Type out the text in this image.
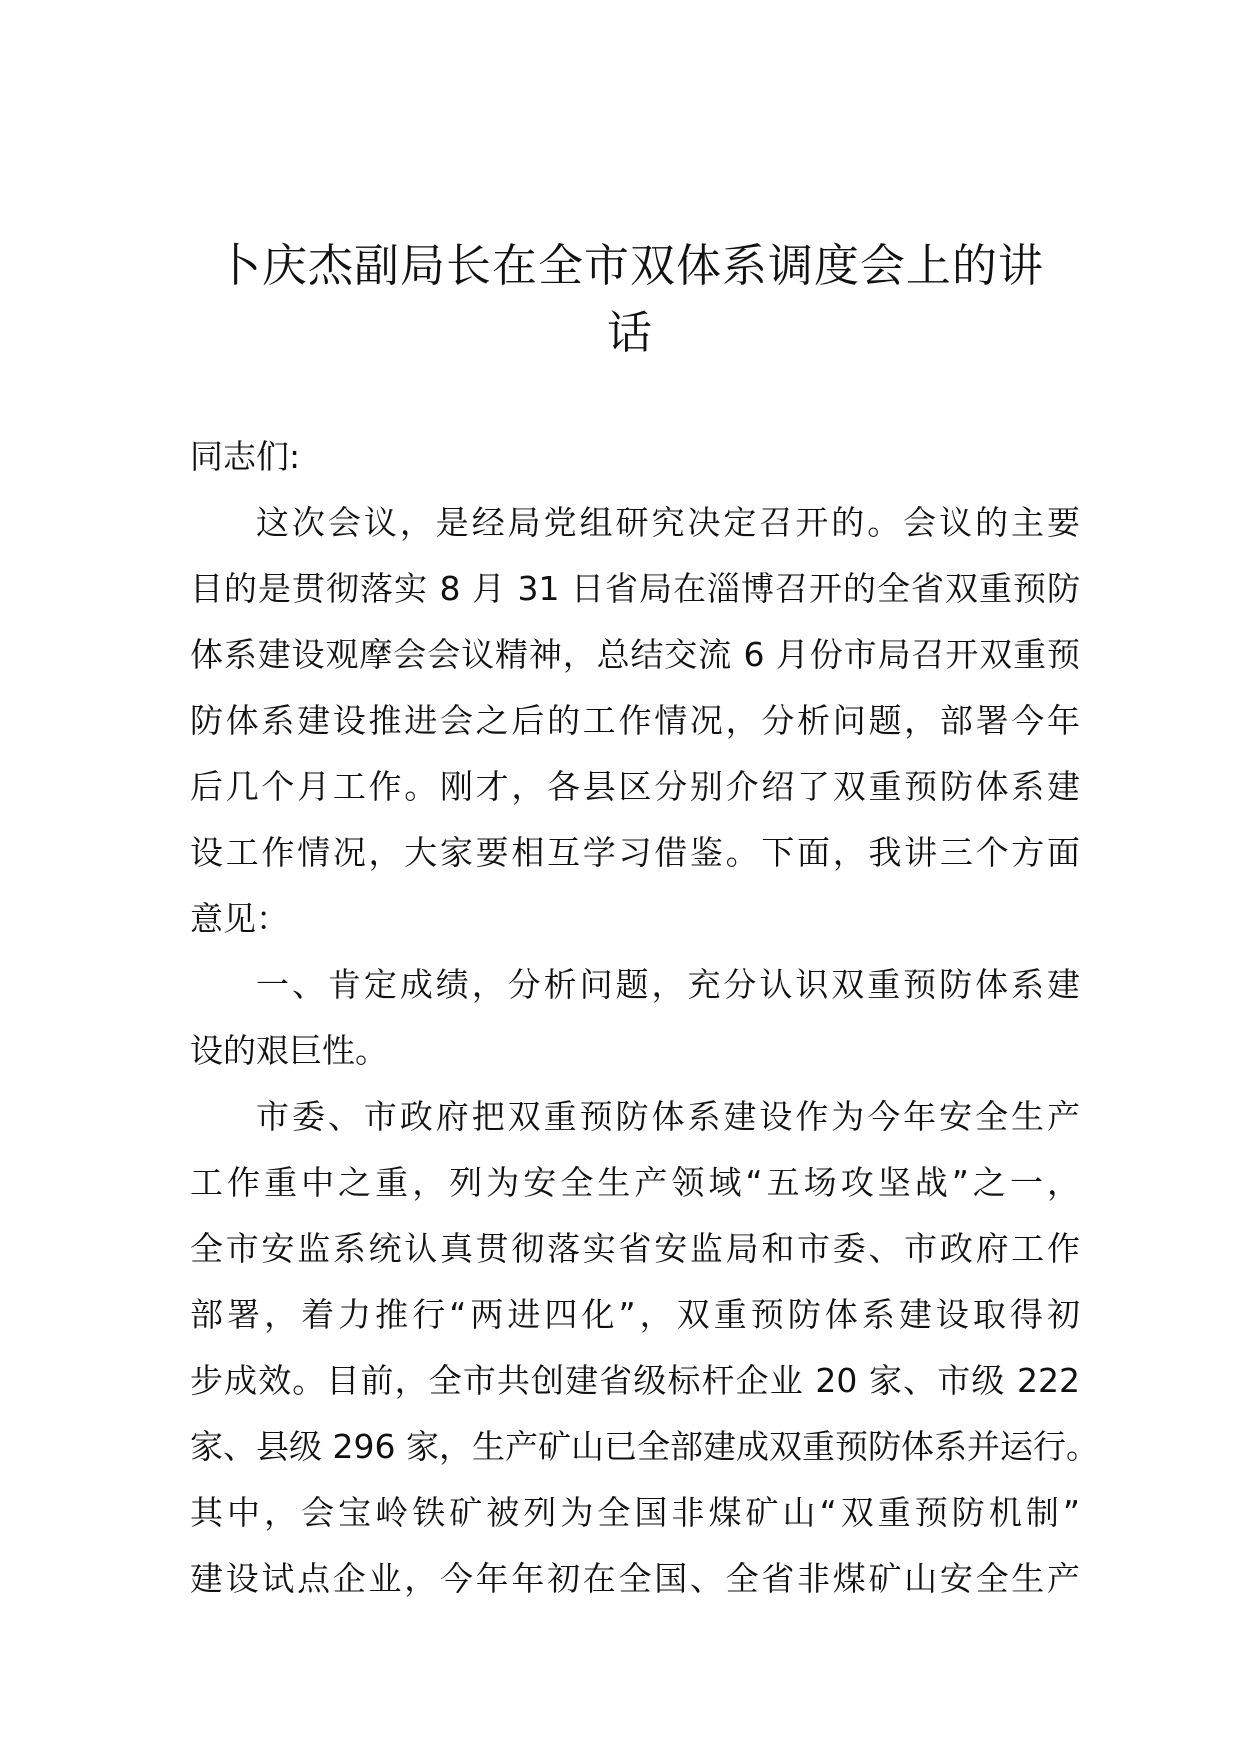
卜庆杰副局长在全市双体系调度会上的讲
话
同志们:
这次会议，是经局党组研究决定召开的。会议的主要
目的是贯彻落实 8 月 31 日省局在淄博召开的全省双重预防
体系建设观摩会会议精神，总结交流 6 月份市局召开双重预
防体系建设推进会之后的工作情况，分析问题，部署今年
后几个月工作。刚才，各县区分别介绍了双重预防体系建
设工作情况，大家要相互学习借鉴。下面，我讲三个方面
意见：
一、肯定成绩，分析问题，充分认识双重预防体系建
设的艰巨性。
市委、市政府把双重预防体系建设作为今年安全生产
工作重中之重，列为安全生产领域“五场攻坚战”之一，
全市安监系统认真贯彻落实省安监局和市委、市政府工作
部署，着力推行“两进四化”，双重预防体系建设取得初
步成效。目前，全市共创建省级标杆企业 20 家、市级 222
家、县级 296 家，生产矿山已全部建成双重预防体系并运行。
其中，会宝岭铁矿被列为全国非煤矿山“双重预防机制”
建设试点企业，今年年初在全国、全省非煤矿山安全生产
